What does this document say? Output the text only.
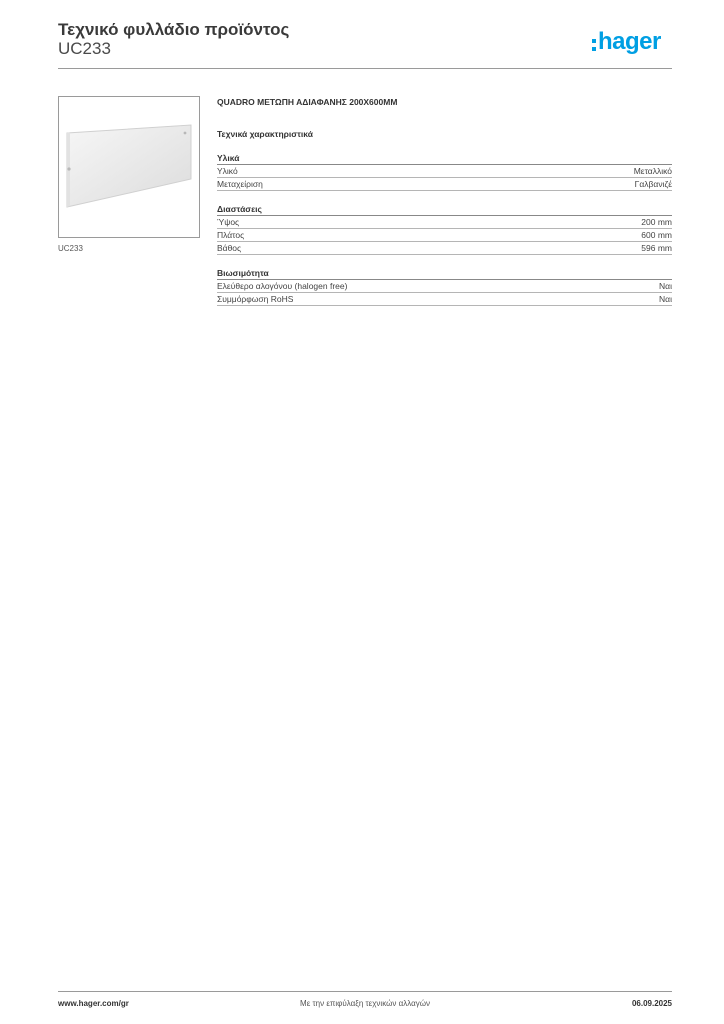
Τεχνικό φυλλάδιο προϊόντος
UC233	hager
UC233
QUADRO ΜΕΤΩΠΗ ΑΔΙΑΦΑΝΗΣ 200X600MM
Τεχνικά χαρακτηριστικά
Υλικά
Υλικό	Μεταλλικό
Μεταχείριση	Γαλβανιζέ
Διαστάσεις
Ύψος	200 mm
Πλάτος	600 mm
Βάθος	596 mm
Βιωσιμότητα
Ελεύθερο αλογόνου (halogen free)	Ναι
Συμμόρφωση RoHS	Ναι
Με την επιφύλαξη τεχνικών αλλαγών
www.hager.com/gr	06.09.2025
